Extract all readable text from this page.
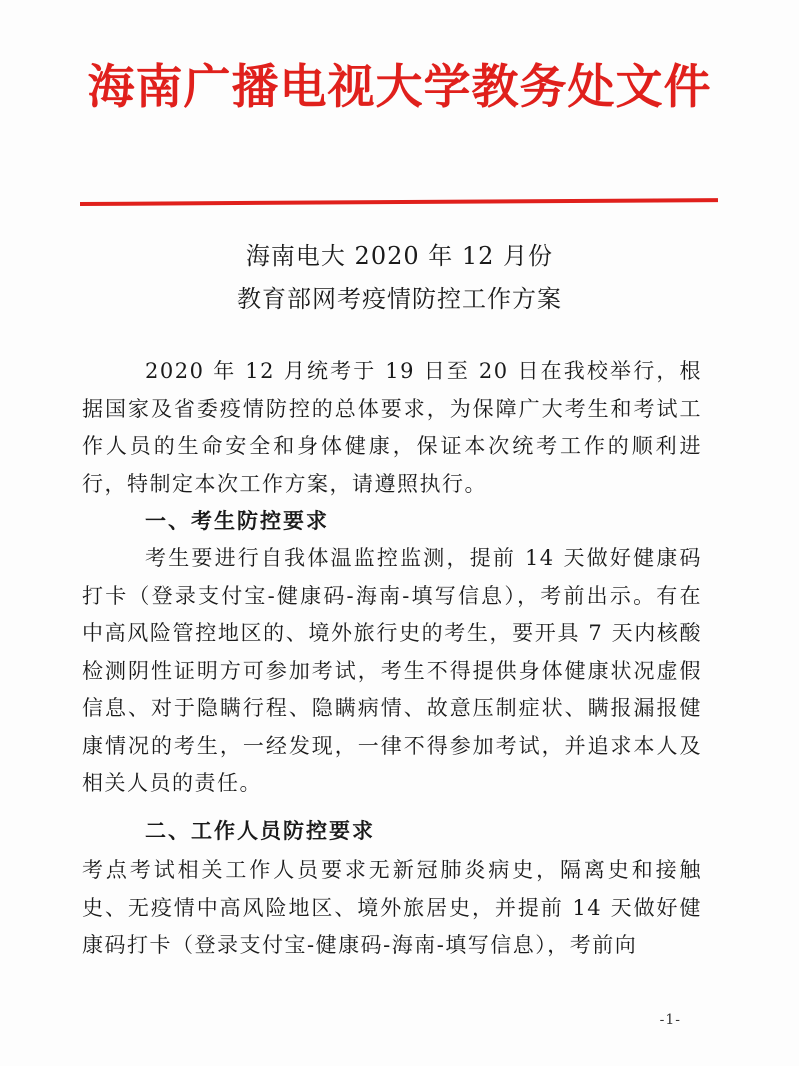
海南广播电视大学教务处文件
海南电大 2020 年 12 月份
教育部网考疫情防控工作方案
2020 年 12 月统考于 19 日至 20 日在我校举行，根据国家及省委疫情防控的总体要求，为保障广大考生和考试工作人员的生命安全和身体健康，保证本次统考工作的顺利进行，特制定本次工作方案，请遵照执行。
一、考生防控要求
考生要进行自我体温监控监测，提前 14 天做好健康码打卡（登录支付宝-健康码-海南-填写信息），考前出示。有在中高风险管控地区的、境外旅行史的考生，要开具 7 天内核酸检测阴性证明方可参加考试，考生不得提供身体健康状况虚假信息、对于隐瞒行程、隐瞒病情、故意压制症状、瞒报漏报健康情况的考生，一经发现，一律不得参加考试，并追求本人及相关人员的责任。
二、工作人员防控要求
考点考试相关工作人员要求无新冠肺炎病史，隔离史和接触史、无疫情中高风险地区、境外旅居史，并提前 14 天做好健康码打卡（登录支付宝-健康码-海南-填写信息），考前向
-1-
